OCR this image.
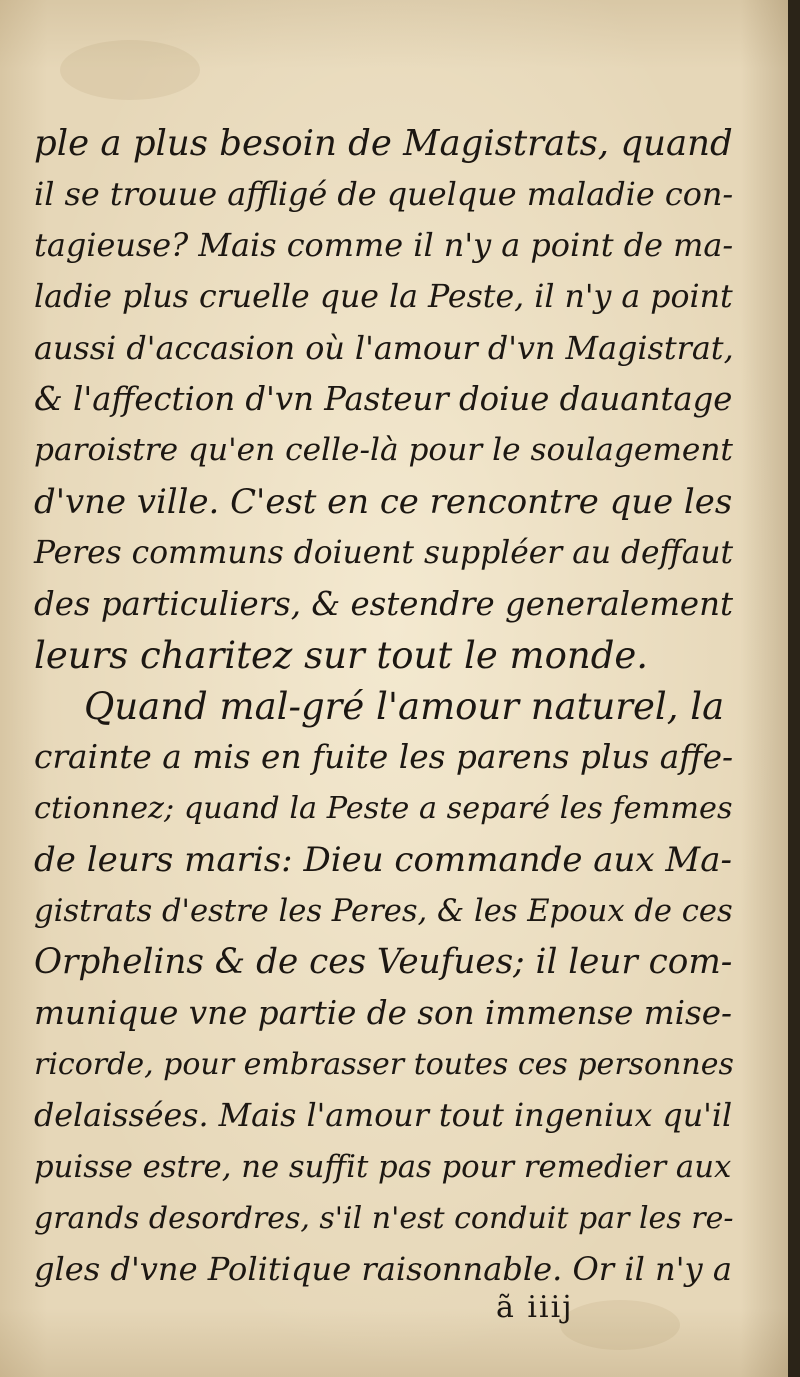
ple a plus besoin de Magistrats, quand
il se trouue affligé de quelque maladie con-
tagieuse? Mais comme il n'y a point de ma-
ladie plus cruelle que la Peste, il n'y a point
aussi d'accasion où l'amour d'vn Magistrat,
& l'affection d'vn Pasteur doiue dauantage
paroistre qu'en celle-là pour le soulagement
d'vne ville. C'est en ce rencontre que les
Peres communs doiuent suppléer au deffaut
des particuliers, & estendre generalement
leurs charitez sur tout le monde.
Quand mal-gré l'amour naturel, la
crainte a mis en fuite les parens plus affe-
ctionnez; quand la Peste a separé les femmes
de leurs maris: Dieu commande aux Ma-
gistrats d'estre les Peres, & les Epoux de ces
Orphelins & de ces Veufues; il leur com-
munique vne partie de son immense mise-
ricorde, pour embrasser toutes ces personnes
delaissées. Mais l'amour tout ingeniux qu'il
puisse estre, ne suffit pas pour remedier aux
grands desordres, s'il n'est conduit par les re-
gles d'vne Politique raisonnable. Or il n'y a
ã iiij
